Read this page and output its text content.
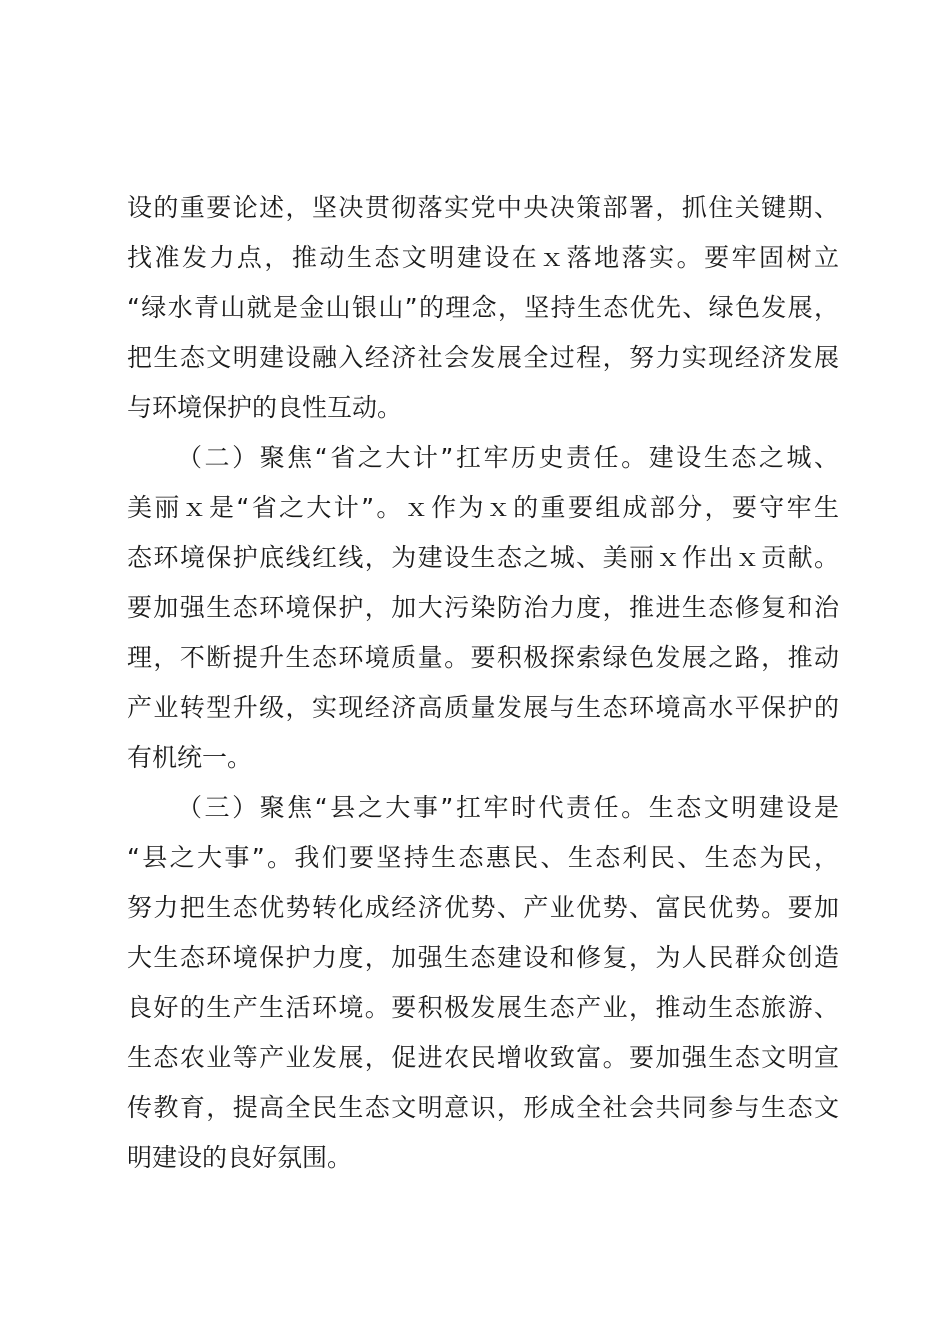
设的重要论述，坚决贯彻落实党中央决策部署，抓住关键期、
找准发力点，推动生态文明建设在ｘ落地落实。要牢固树立
“绿水青山就是金山银山”的理念，坚持生态优先、绿色发展，
把生态文明建设融入经济社会发展全过程，努力实现经济发展
与环境保护的良性互动。
（二）聚焦“省之大计”扛牢历史责任。建设生态之城、
美丽ｘ是“省之大计”。ｘ作为ｘ的重要组成部分，要守牢生
态环境保护底线红线，为建设生态之城、美丽ｘ作出ｘ贡献。
要加强生态环境保护，加大污染防治力度，推进生态修复和治
理，不断提升生态环境质量。要积极探索绿色发展之路，推动
产业转型升级，实现经济高质量发展与生态环境高水平保护的
有机统一。
（三）聚焦“县之大事”扛牢时代责任。生态文明建设是
“县之大事”。我们要坚持生态惠民、生态利民、生态为民，
努力把生态优势转化成经济优势、产业优势、富民优势。要加
大生态环境保护力度，加强生态建设和修复，为人民群众创造
良好的生产生活环境。要积极发展生态产业，推动生态旅游、
生态农业等产业发展，促进农民增收致富。要加强生态文明宣
传教育，提高全民生态文明意识，形成全社会共同参与生态文
明建设的良好氛围。
